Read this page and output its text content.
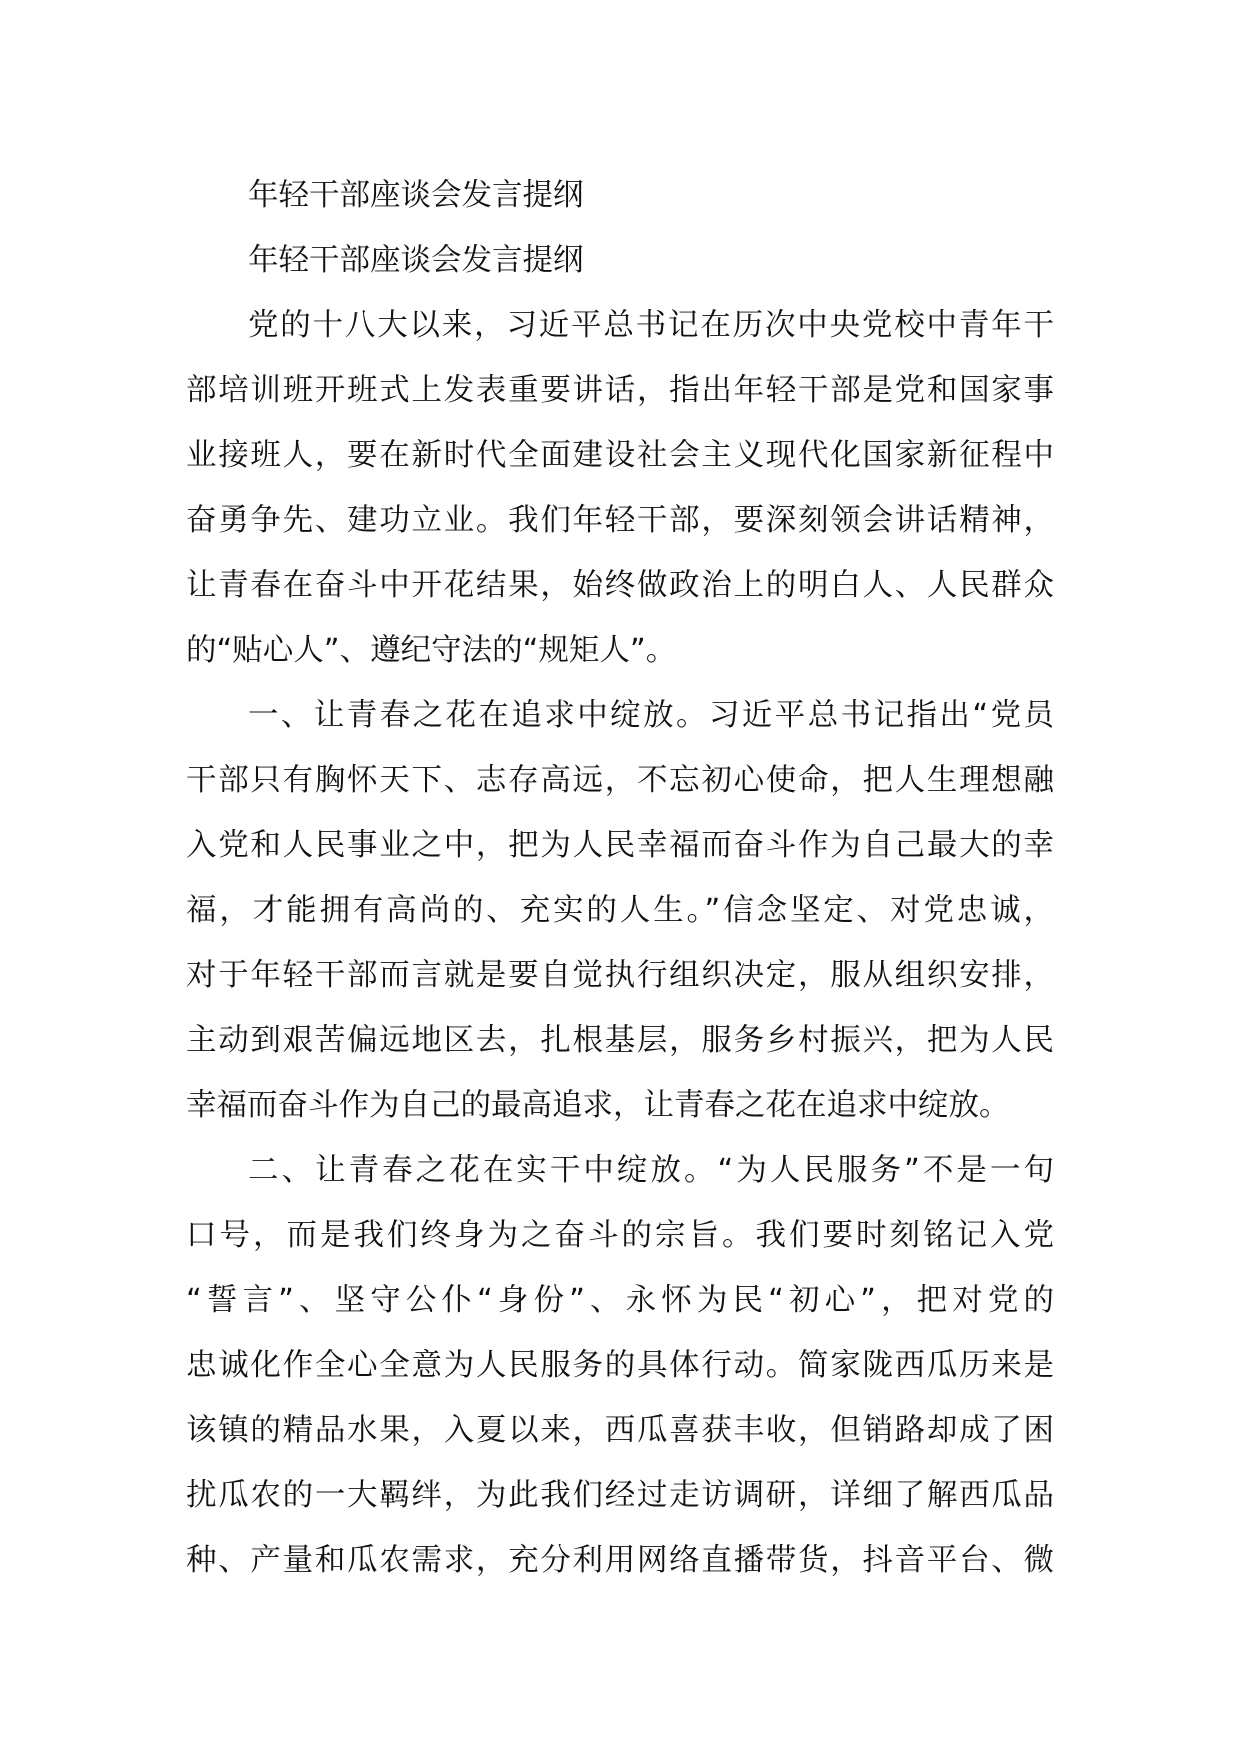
年轻干部座谈会发言提纲
年轻干部座谈会发言提纲
党的十八大以来，习近平总书记在历次中央党校中青年干
部培训班开班式上发表重要讲话，指出年轻干部是党和国家事
业接班人，要在新时代全面建设社会主义现代化国家新征程中
奋勇争先、建功立业。我们年轻干部，要深刻领会讲话精神，
让青春在奋斗中开花结果，始终做政治上的明白人、人民群众
的“贴心人”、遵纪守法的“规矩人”。
一、让青春之花在追求中绽放。习近平总书记指出“党员
干部只有胸怀天下、志存高远，不忘初心使命，把人生理想融
入党和人民事业之中，把为人民幸福而奋斗作为自己最大的幸
福，才能拥有高尚的、充实的人生。”信念坚定、对党忠诚，
对于年轻干部而言就是要自觉执行组织决定，服从组织安排，
主动到艰苦偏远地区去，扎根基层，服务乡村振兴，把为人民
幸福而奋斗作为自己的最高追求，让青春之花在追求中绽放。
二、让青春之花在实干中绽放。“为人民服务”不是一句
口号，而是我们终身为之奋斗的宗旨。我们要时刻铭记入党
“誓言”、坚守公仆“身份”、永怀为民“初心”，把对党的
忠诚化作全心全意为人民服务的具体行动。简家陇西瓜历来是
该镇的精品水果，入夏以来，西瓜喜获丰收，但销路却成了困
扰瓜农的一大羁绊，为此我们经过走访调研，详细了解西瓜品
种、产量和瓜农需求，充分利用网络直播带货，抖音平台、微
